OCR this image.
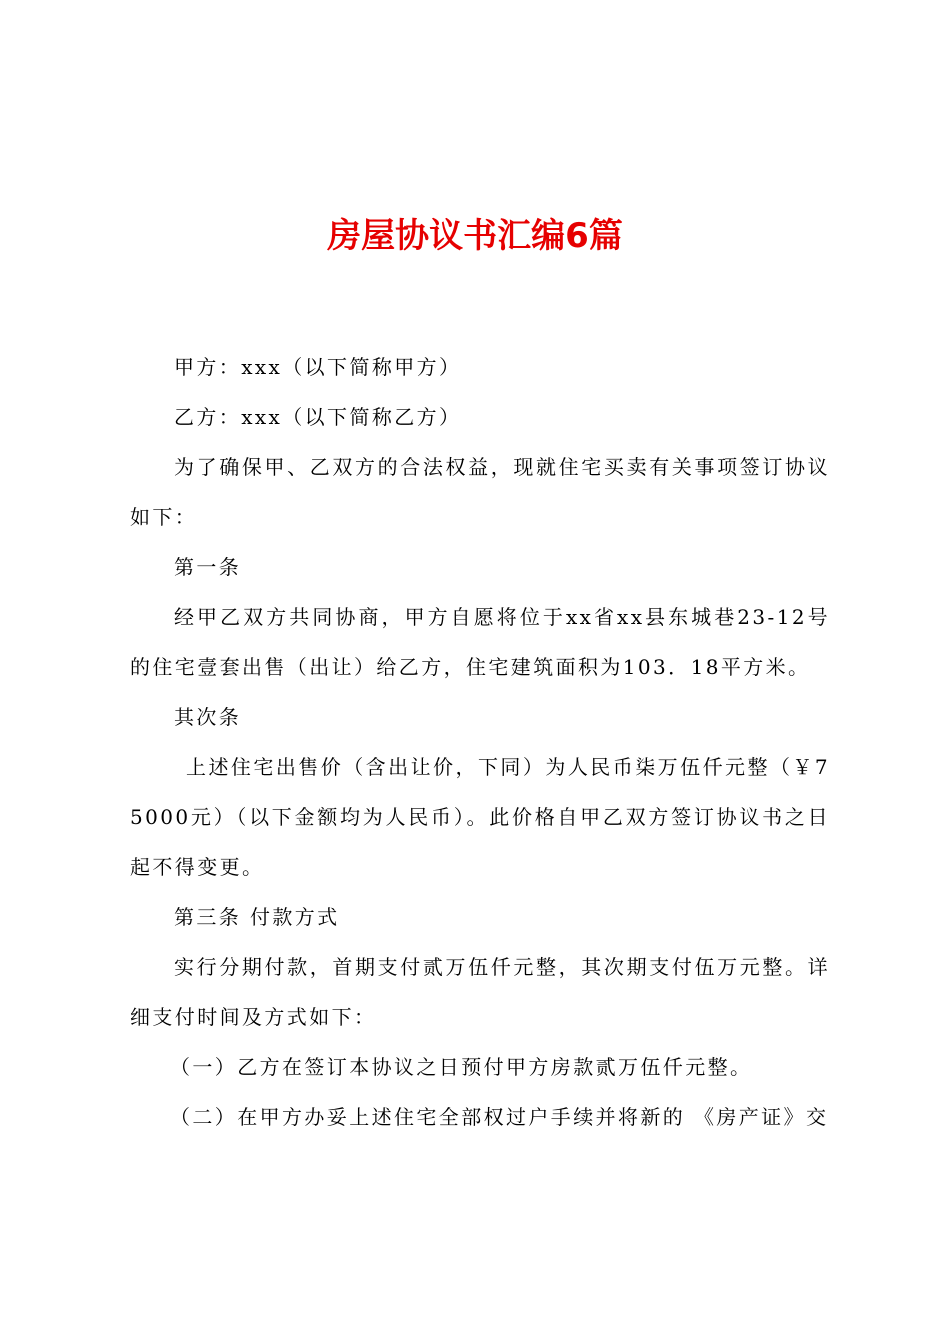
房屋协议书汇编6篇

甲方：xxx（以下简称甲方）

乙方：xxx（以下简称乙方）

为了确保甲、乙双方的合法权益，现就住宅买卖有关事项签订协议如下：

第一条

经甲乙双方共同协商，甲方自愿将位于xx省xx县东城巷23-12号的住宅壹套出售（出让）给乙方，住宅建筑面积为103．18平方米。

其次条

上述住宅出售价（含出让价，下同）为人民币柒万伍仟元整（￥75000元）（以下金额均为人民币）。此价格自甲乙双方签订协议书之日起不得变更。

第三条 付款方式

实行分期付款，首期支付贰万伍仟元整，其次期支付伍万元整。详细支付时间及方式如下：

（一）乙方在签订本协议之日预付甲方房款贰万伍仟元整。

（二）在甲方办妥上述住宅全部权过户手续并将新的 《房产证》交
